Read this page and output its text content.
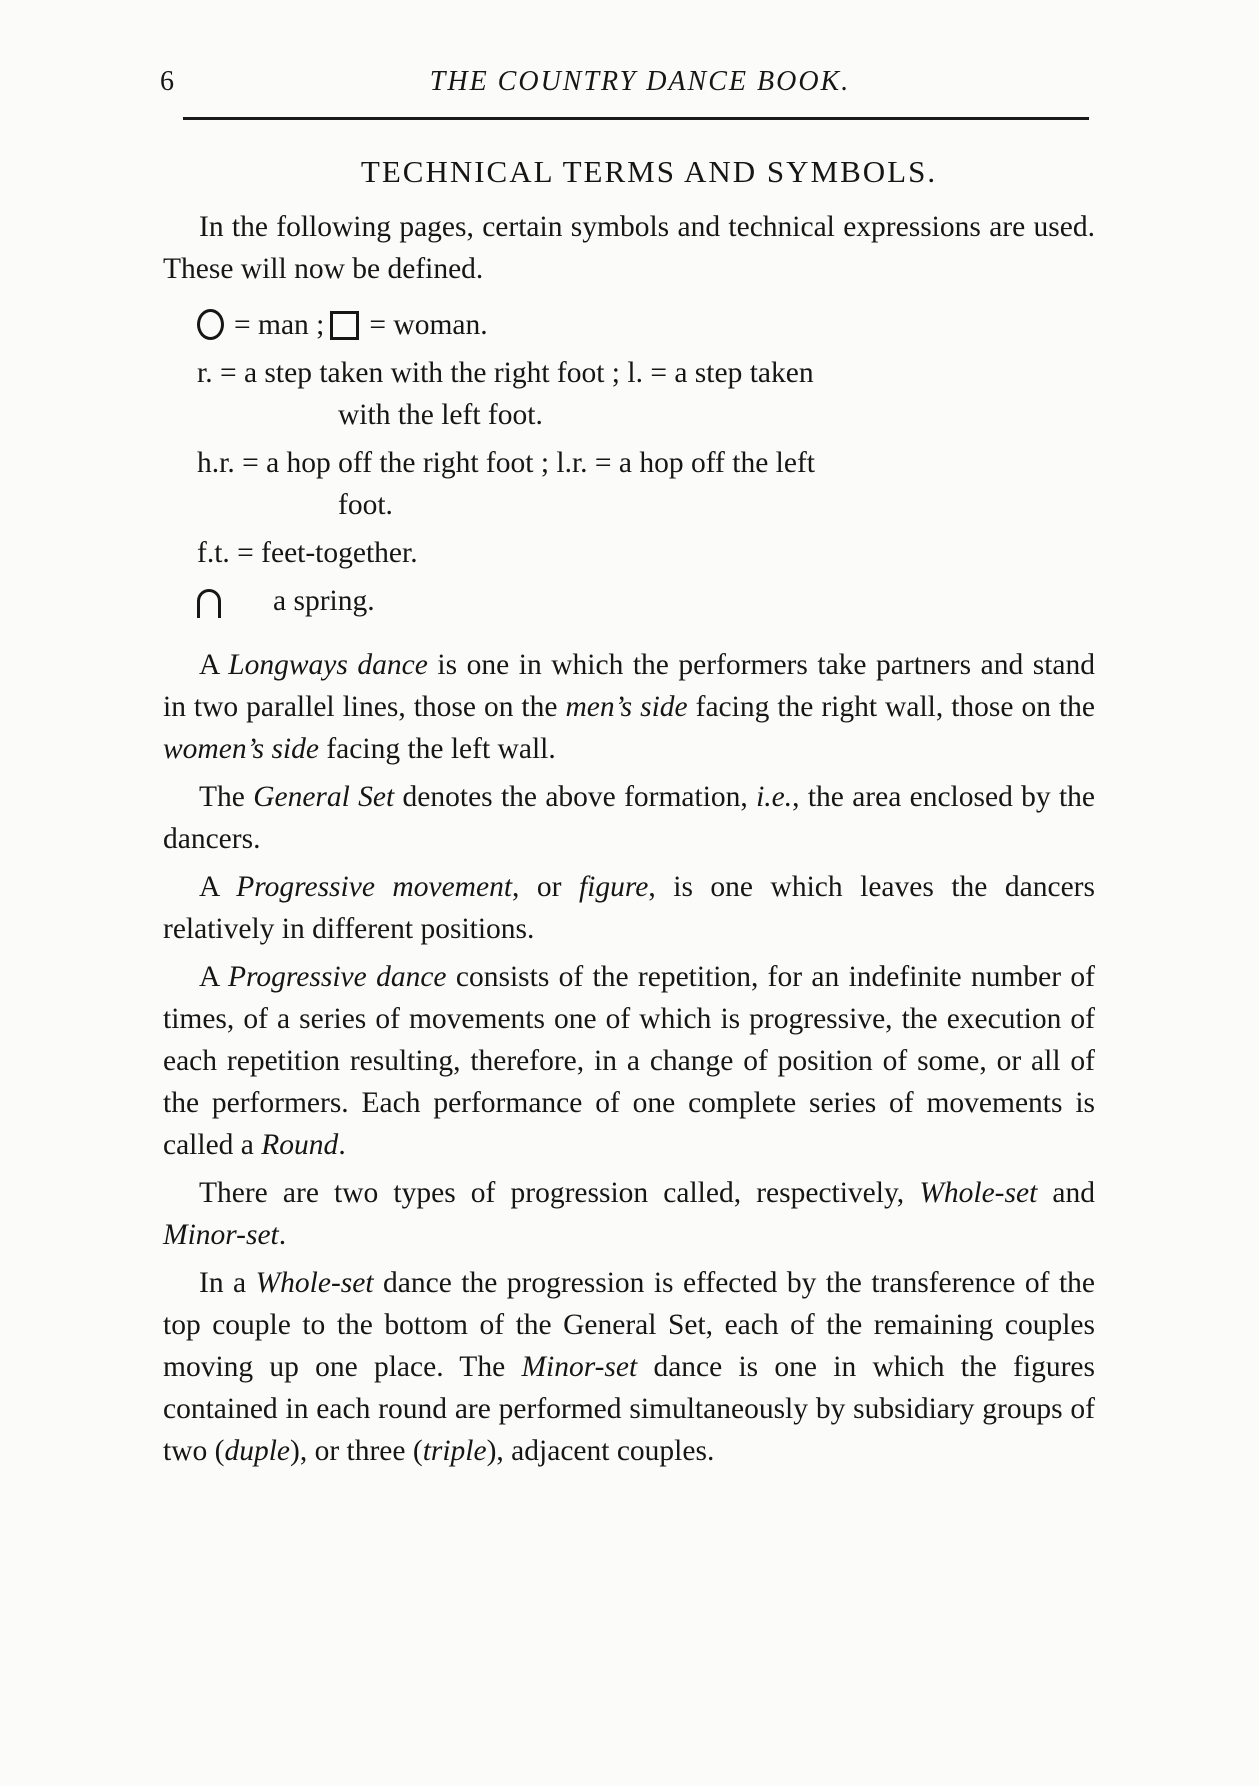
6	THE COUNTRY DANCE BOOK.
TECHNICAL TERMS AND SYMBOLS.

In the following pages, certain symbols and technical expressions are used. These will now be defined.

= man ; = woman.
r. = a step taken with the right foot ; l. = a step taken
with the left foot.
h.r. = a hop off the right foot ; l.r. = a hop off the left
foot.
f.t. = feet-together.
a spring.

A Longways dance is one in which the performers take partners and stand in two parallel lines, those on the men’s side facing the right wall, those on the women’s side facing the left wall.

The General Set denotes the above formation, i.e., the area enclosed by the dancers.

A Progressive movement, or figure, is one which leaves the dancers relatively in different positions.

A Progressive dance consists of the repetition, for an indefinite number of times, of a series of movements one of which is progressive, the execution of each repetition resulting, therefore, in a change of position of some, or all of the performers. Each performance of one complete series of movements is called a Round.

There are two types of progression called, respectively, Whole-set and Minor-set.

In a Whole-set dance the progression is effected by the transference of the top couple to the bottom of the General Set, each of the remaining couples moving up one place. The Minor-set dance is one in which the figures contained in each round are performed simultaneously by subsidiary groups of two (duple), or three (triple), adjacent couples.
